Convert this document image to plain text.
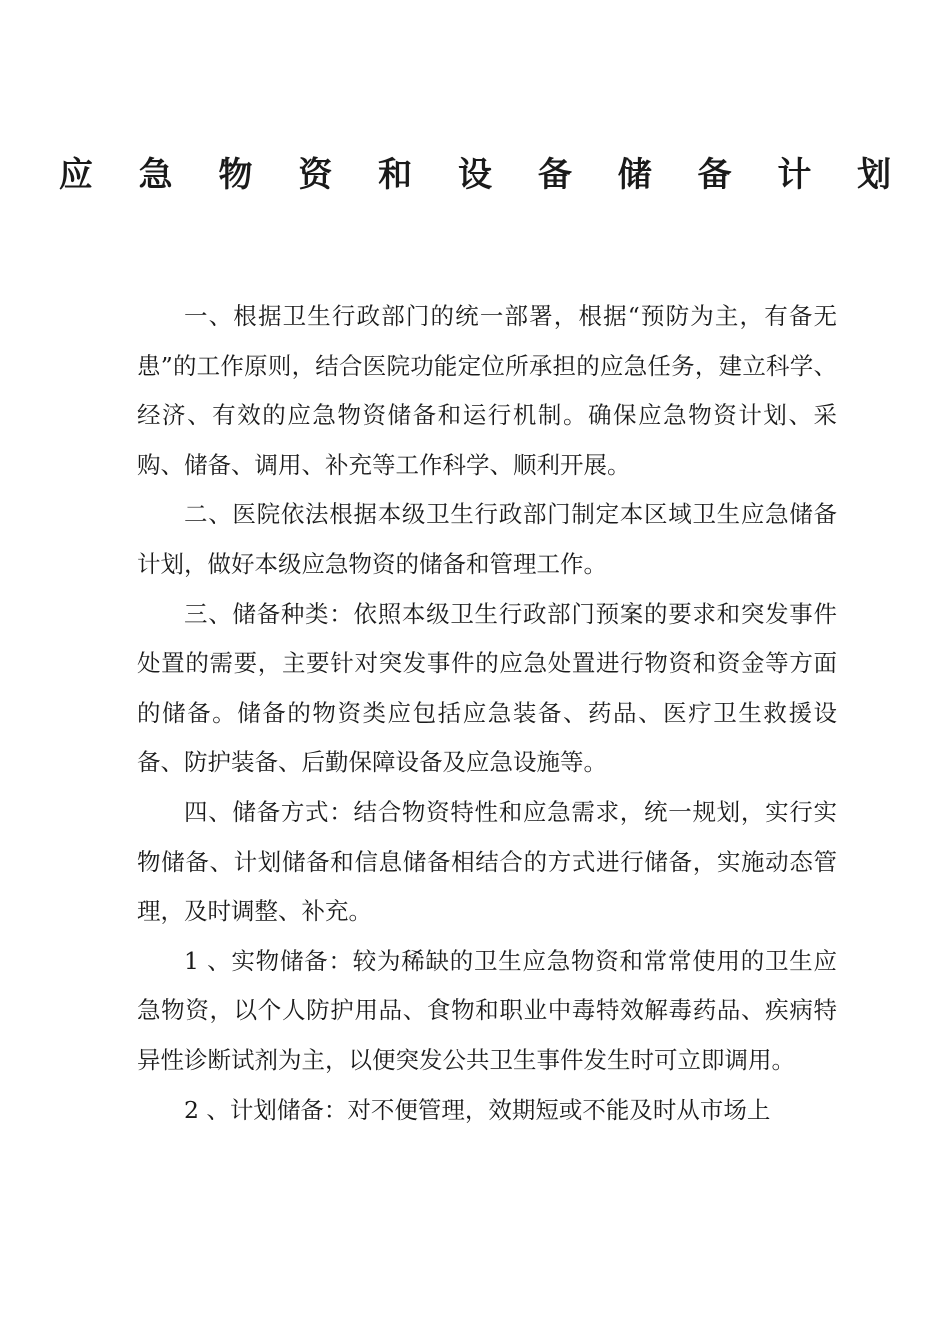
应 急 物 资 和 设 备 储 备 计 划

一、根据卫生行政部门的统一部署，根据“预防为主，有备无患”的工作原则，结合医院功能定位所承担的应急任务，建立科学、经济、有效的应急物资储备和运行机制。确保应急物资计划、采购、储备、调用、补充等工作科学、顺利开展。

二、医院依法根据本级卫生行政部门制定本区域卫生应急储备计划，做好本级应急物资的储备和管理工作。

三、储备种类：依照本级卫生行政部门预案的要求和突发事件处置的需要，主要针对突发事件的应急处置进行物资和资金等方面的储备。储备的物资类应包括应急装备、药品、医疗卫生救援设备、防护装备、后勤保障设备及应急设施等。

四、储备方式：结合物资特性和应急需求，统一规划，实行实物储备、计划储备和信息储备相结合的方式进行储备，实施动态管理，及时调整、补充。

1 、实物储备：较为稀缺的卫生应急物资和常常使用的卫生应急物资，以个人防护用品、食物和职业中毒特效解毒药品、疾病特异性诊断试剂为主，以便突发公共卫生事件发生时可立即调用。

2 、计划储备：对不便管理，效期短或不能及时从市场上
